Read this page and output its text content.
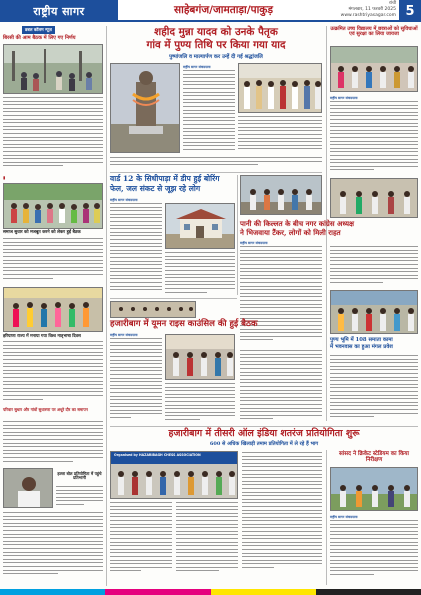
राष्ट्रीय सागर	साहेबगंज/जामताड़ा/पाकुड़
रांची
मंगलवार, 11 फरवरी 2025
www.rashtriyasagar.com 5
डबल कॉलम न्यूज़
बिरसी की आम बैठक में लिए गए निर्णय
▮
समाज सुधार को मजबूत करने को लेकर हुई बैठक
हरियाणा राज्य में मनाया गया विश्व मातृभाषा दिवस
परिवार सुधार और गांवों सुधारणा पर अधूरे दौर का समापन
हल्ला बोल प्रतियोगिता में पहुंचे प्रतिभागी
शहीद मुन्ना यादव को उनके पैतृक
गांव में पुण्य तिथि पर किया गया याद
पुष्पांजलि व माल्यार्पण कर उन्हें दी गई श्रद्धांजलि
राष्ट्रीय सागर संवाददाता
उत्क्रमित उच्च विद्यालय में छात्राओं को सुविधाओं एवं सुरक्षा का लिया जायजा
राष्ट्रीय सागर संवाददाता
वार्ड 12 के सिधीपाड़ा में डीप हुई बोरिंग
फेल, जल संकट से जूझ रहे लोग
राष्ट्रीय सागर संवाददाता
पानी की किल्लत के बीच नगर कांग्रेस अध्यक्ष
ने भिजवाया टैंकर, लोगों को मिली राहत
राष्ट्रीय सागर संवाददाता
हजारीबाग में यूमन राइस काउंसिल की हुई बैठक
राष्ट्रीय सागर संवाददाता
पुण्य भूमि में 108 समाता कामा
में भवनवास का हुआ मंगल प्रवेश
हजारीबाग में तीसरी ऑल इंडिया शतरंज प्रतियोगिता शुरू
600 से अधिक खिलाड़ी तमाम प्रतियोगिता में ले रहे हैं भाग
Organised by HAZARIBAGH CHESS ASSOCIATION	सांसद ने क्रिकेट स्टेडियम का किया निरीक्षण
राष्ट्रीय सागर संवाददाता
